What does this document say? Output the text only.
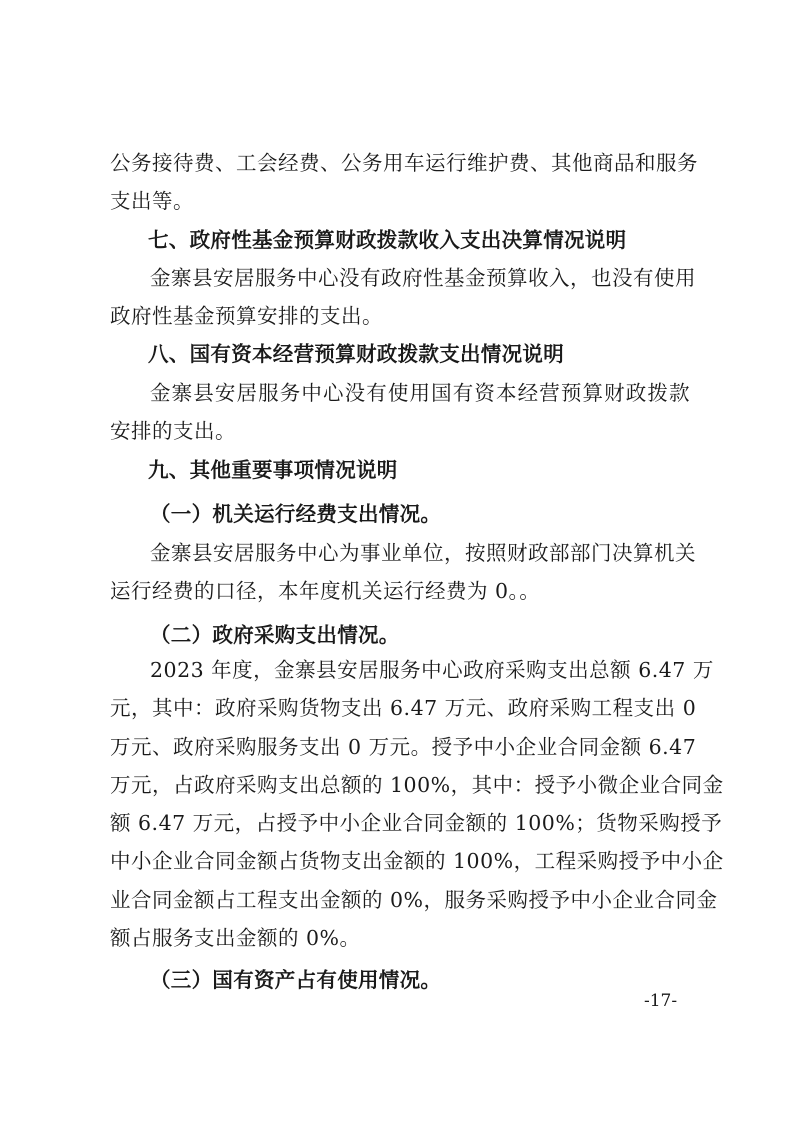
公务接待费、工会经费、公务用车运行维护费、其他商品和服务
支出等。
七、政府性基金预算财政拨款收入支出决算情况说明
金寨县安居服务中心没有政府性基金预算收入，也没有使用
政府性基金预算安排的支出。
八、国有资本经营预算财政拨款支出情况说明
金寨县安居服务中心没有使用国有资本经营预算财政拨款
安排的支出。
九、其他重要事项情况说明
（一）机关运行经费支出情况。
金寨县安居服务中心为事业单位，按照财政部部门决算机关
运行经费的口径，本年度机关运行经费为 0。。
（二）政府采购支出情况。
2023 年度，金寨县安居服务中心政府采购支出总额 6.47 万
元，其中：政府采购货物支出 6.47 万元、政府采购工程支出 0
万元、政府采购服务支出 0 万元。授予中小企业合同金额 6.47
万元，占政府采购支出总额的 100%，其中：授予小微企业合同金
额 6.47 万元，占授予中小企业合同金额的 100%；货物采购授予
中小企业合同金额占货物支出金额的 100%，工程采购授予中小企
业合同金额占工程支出金额的 0%，服务采购授予中小企业合同金
额占服务支出金额的 0%。
（三）国有资产占有使用情况。
-17-
